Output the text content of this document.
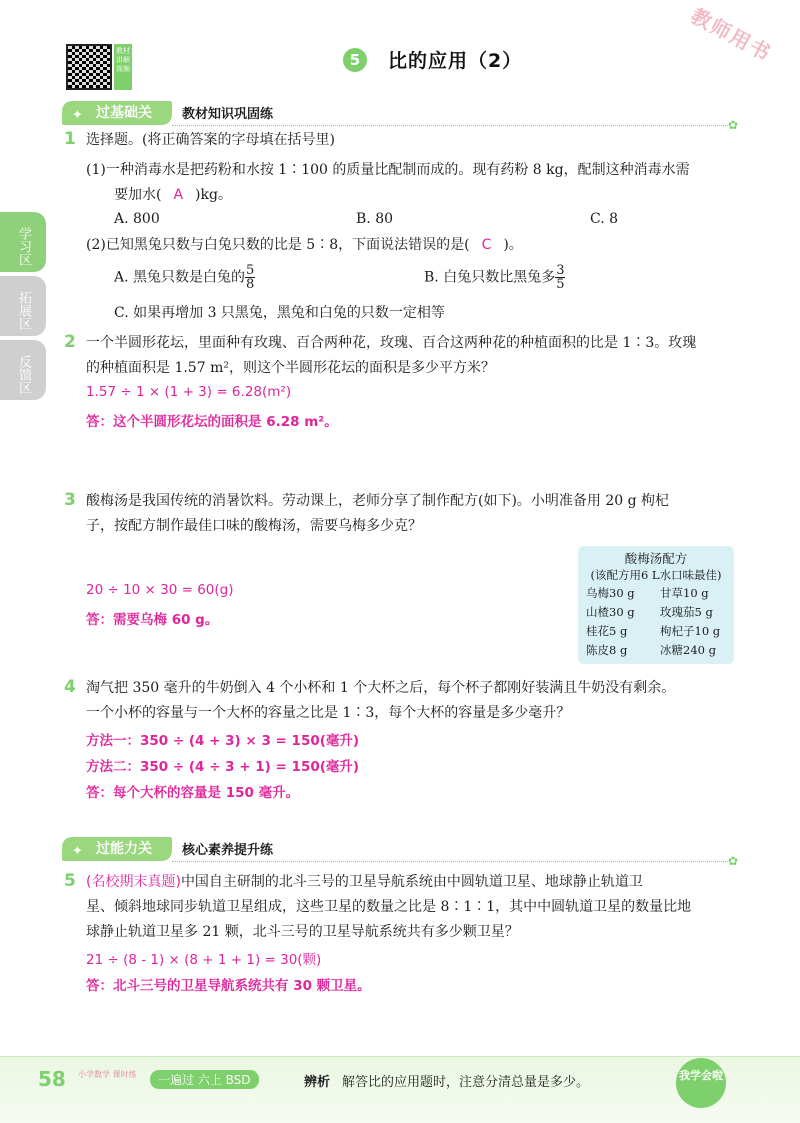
教材讲解视频	5	比的应用（2）	教师用书
学习区
拓展区
反馈区
✦ 过基础关	教材知识巩固练
✿
1 选择题。(将正确答案的字母填在括号里)
(1)一种消毒水是把药粉和水按 1∶100 的质量比配制而成的。现有药粉 8 kg，配制这种消毒水需
要加水( A )kg。
A. 800	B. 80	C. 8
(2)已知黑兔只数与白兔只数的比是 5∶8，下面说法错误的是( C )。
A. 黑兔只数是白兔的 $\frac{5}{8}$	B. 白兔只数比黑兔多 $\frac{3}{5}$
C. 如果再增加 3 只黑兔，黑兔和白兔的只数一定相等
2 一个半圆形花坛，里面种有玫瑰、百合两种花，玫瑰、百合这两种花的种植面积的比是 1∶3。玫瑰
的种植面积是 1.57 m²，则这个半圆形花坛的面积是多少平方米？
1.57 ÷ 1 × (1 + 3) = 6.28(m²)
答：这个半圆形花坛的面积是 6.28 m²。
3 酸梅汤是我国传统的消暑饮料。劳动课上，老师分享了制作配方(如下)。小明准备用 20 g 枸杞
子，按配方制作最佳口味的酸梅汤，需要乌梅多少克？
20 ÷ 10 × 30 = 60(g)
答：需要乌梅 60 g。
酸梅汤配方
(该配方用6 L水口味最佳)
乌梅30 g	甘草10 g
山楂30 g	玫瑰茄5 g
桂花5 g	枸杞子10 g
陈皮8 g	冰糖240 g
4 淘气把 350 毫升的牛奶倒入 4 个小杯和 1 个大杯之后，每个杯子都刚好装满且牛奶没有剩余。
一个小杯的容量与一个大杯的容量之比是 1∶3，每个大杯的容量是多少毫升？
方法一：350 ÷ (4 + 3) × 3 = 150(毫升)
方法二：350 ÷ (4 ÷ 3 + 1) = 150(毫升)
答：每个大杯的容量是 150 毫升。
✦ 过能力关	核心素养提升练
✿
5 (名校期末真题)中国自主研制的北斗三号的卫星导航系统由中圆轨道卫星、地球静止轨道卫
星、倾斜地球同步轨道卫星组成，这些卫星的数量之比是 8∶1∶1，其中中圆轨道卫星的数量比地
球静止轨道卫星多 21 颗，北斗三号的卫星导航系统共有多少颗卫星？
21 ÷ (8 - 1) × (8 + 1 + 1) = 30(颗)
答：北斗三号的卫星导航系统共有 30 颗卫星。
58 小学数学 课时练	一遍过 六上 BSD	辨析 解答比的应用题时，注意分清总量是多少。	我学会啦
